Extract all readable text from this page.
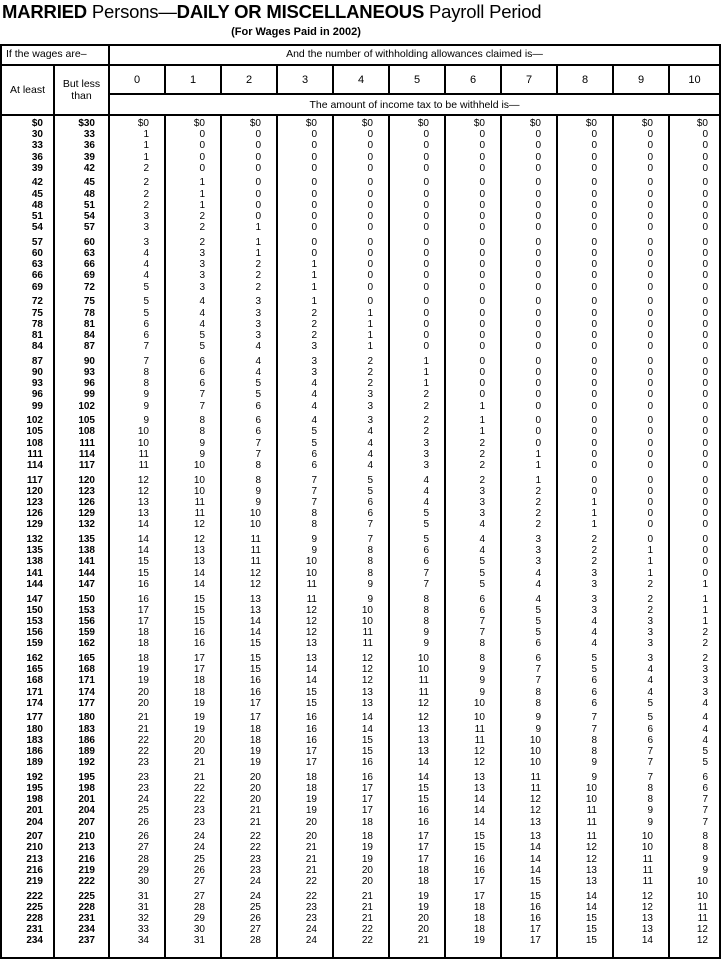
MARRIED Persons—DAILY OR MISCELLANEOUS Payroll Period
(For Wages Paid in 2002)
If the wages are–	And the number of withholding allowances claimed is—
At least	But less than
The amount of income tax to be withheld is—
0	1	2	3	4	5	6	7	8	9	10
$0	$30	$0	$0	$0	$0	$0	$0	$0	$0	$0	$0	$0
30	33	1	0	0	0	0	0	0	0	0	0	0
33	36	1	0	0	0	0	0	0	0	0	0	0
36	39	1	0	0	0	0	0	0	0	0	0	0
39	42	2	0	0	0	0	0	0	0	0	0	0
42	45	2	1	0	0	0	0	0	0	0	0	0
45	48	2	1	0	0	0	0	0	0	0	0	0
48	51	2	1	0	0	0	0	0	0	0	0	0
51	54	3	2	0	0	0	0	0	0	0	0	0
54	57	3	2	1	0	0	0	0	0	0	0	0
57	60	3	2	1	0	0	0	0	0	0	0	0
60	63	4	3	1	0	0	0	0	0	0	0	0
63	66	4	3	2	1	0	0	0	0	0	0	0
66	69	4	3	2	1	0	0	0	0	0	0	0
69	72	5	3	2	1	0	0	0	0	0	0	0
72	75	5	4	3	1	0	0	0	0	0	0	0
75	78	5	4	3	2	1	0	0	0	0	0	0
78	81	6	4	3	2	1	0	0	0	0	0	0
81	84	6	5	3	2	1	0	0	0	0	0	0
84	87	7	5	4	3	1	0	0	0	0	0	0
87	90	7	6	4	3	2	1	0	0	0	0	0
90	93	8	6	4	3	2	1	0	0	0	0	0
93	96	8	6	5	4	2	1	0	0	0	0	0
96	99	9	7	5	4	3	2	0	0	0	0	0
99	102	9	7	6	4	3	2	1	0	0	0	0
102	105	9	8	6	4	3	2	1	0	0	0	0
105	108	10	8	6	5	4	2	1	0	0	0	0
108	111	10	9	7	5	4	3	2	0	0	0	0
111	114	11	9	7	6	4	3	2	1	0	0	0
114	117	11	10	8	6	4	3	2	1	0	0	0
117	120	12	10	8	7	5	4	2	1	0	0	0
120	123	12	10	9	7	5	4	3	2	0	0	0
123	126	13	11	9	7	6	4	3	2	1	0	0
126	129	13	11	10	8	6	5	3	2	1	0	0
129	132	14	12	10	8	7	5	4	2	1	0	0
132	135	14	12	11	9	7	5	4	3	2	0	0
135	138	14	13	11	9	8	6	4	3	2	1	0
138	141	15	13	11	10	8	6	5	3	2	1	0
141	144	15	14	12	10	8	7	5	4	3	1	0
144	147	16	14	12	11	9	7	5	4	3	2	1
147	150	16	15	13	11	9	8	6	4	3	2	1
150	153	17	15	13	12	10	8	6	5	3	2	1
153	156	17	15	14	12	10	8	7	5	4	3	1
156	159	18	16	14	12	11	9	7	5	4	3	2
159	162	18	16	15	13	11	9	8	6	4	3	2
162	165	18	17	15	13	12	10	8	6	5	3	2
165	168	19	17	15	14	12	10	9	7	5	4	3
168	171	19	18	16	14	12	11	9	7	6	4	3
171	174	20	18	16	15	13	11	9	8	6	4	3
174	177	20	19	17	15	13	12	10	8	6	5	4
177	180	21	19	17	16	14	12	10	9	7	5	4
180	183	21	19	18	16	14	13	11	9	7	6	4
183	186	22	20	18	16	15	13	11	10	8	6	4
186	189	22	20	19	17	15	13	12	10	8	7	5
189	192	23	21	19	17	16	14	12	10	9	7	5
192	195	23	21	20	18	16	14	13	11	9	7	6
195	198	23	22	20	18	17	15	13	11	10	8	6
198	201	24	22	20	19	17	15	14	12	10	8	7
201	204	25	23	21	19	17	16	14	12	11	9	7
204	207	26	23	21	20	18	16	14	13	11	9	7
207	210	26	24	22	20	18	17	15	13	11	10	8
210	213	27	24	22	21	19	17	15	14	12	10	8
213	216	28	25	23	21	19	17	16	14	12	11	9
216	219	29	26	23	21	20	18	16	14	13	11	9
219	222	30	27	24	22	20	18	17	15	13	11	10
222	225	31	27	24	22	21	19	17	15	14	12	10
225	228	31	28	25	23	21	19	18	16	14	12	11
228	231	32	29	26	23	21	20	18	16	15	13	11
231	234	33	30	27	24	22	20	18	17	15	13	12
234	237	34	31	28	24	22	21	19	17	15	14	12
